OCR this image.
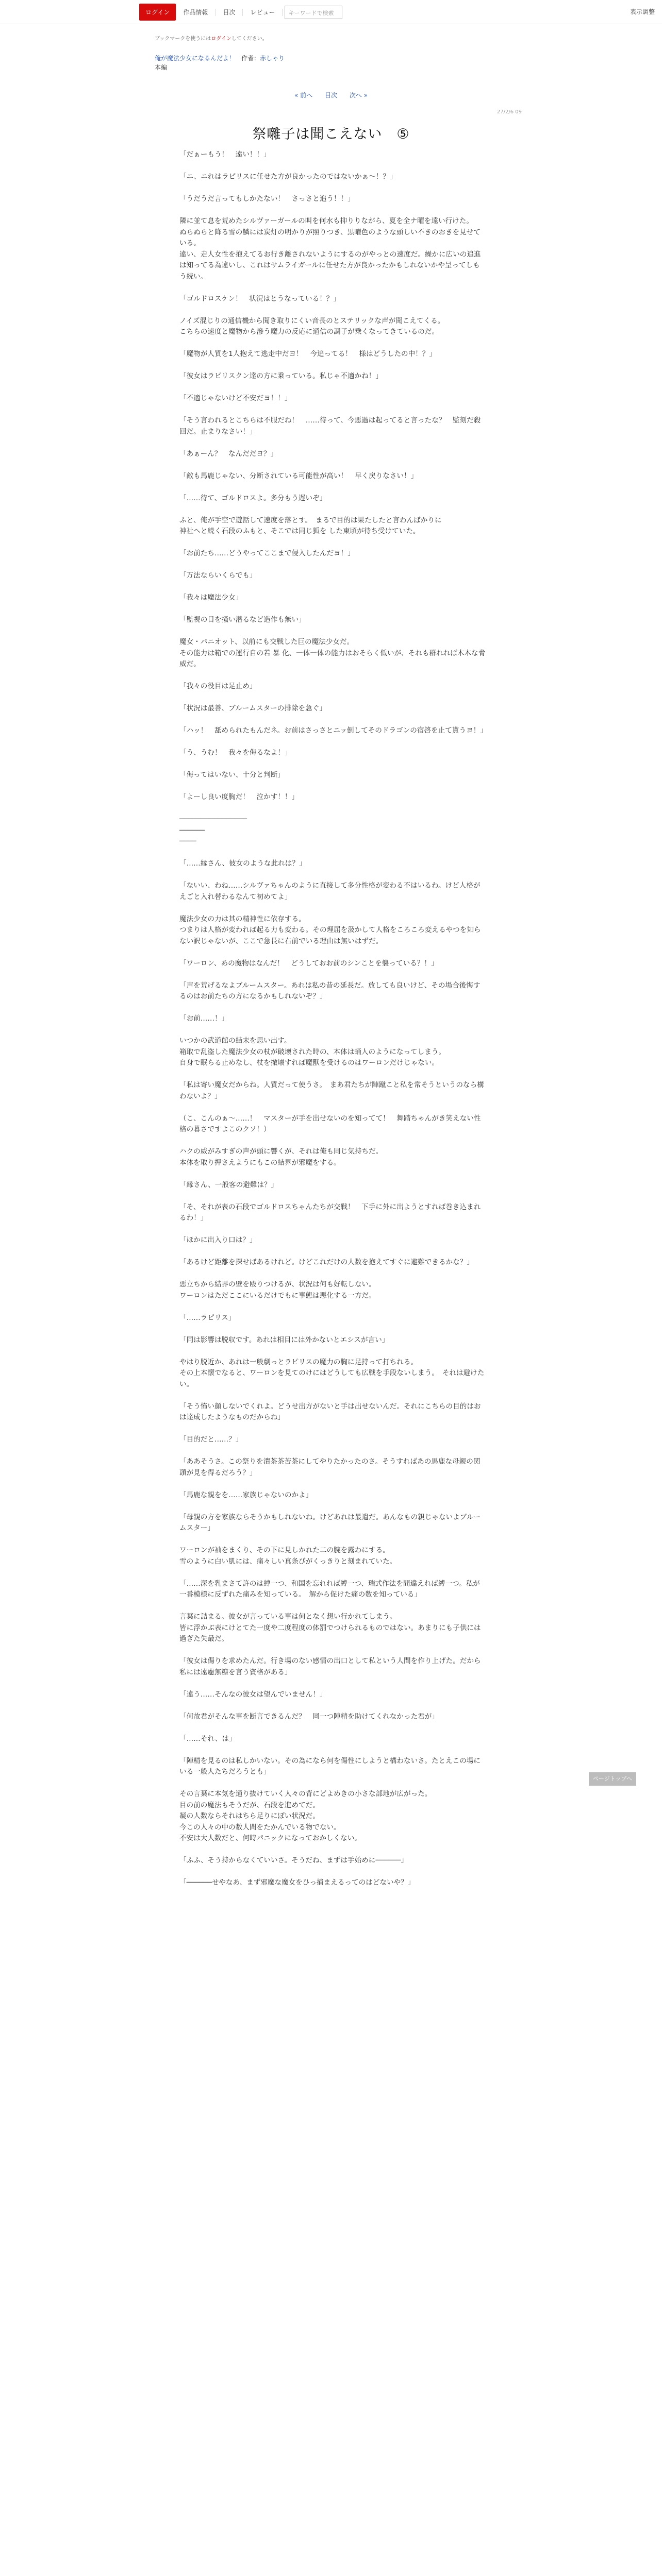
ログイン	作品情報	目次	レビュー	キーワードで検索	表示調整
ブックマークを使うにはログインしてください。
俺が魔法少女になるんだよ！　 作者：赤しゃり
本編
« 前へ 目次 次へ »
27/2/6 09
祭囃子は聞こえない　⑤

「だぁーもう！　遠い！！」

「ニ、ニれはラピリスに任せた方が良かったのではないかぁ～！？」

「うだうだ言ってもしかたない！　さっさと追う！！」

隣に並て息を荒めたシルヴァーガールの叫を何水も抑りりながら、夏を全ナ曜を遠い行けた。
ぬらぬらと降る雪の鱗には炭灯の明かりが照りつき、黒曜色のような頭しい不きのおきを見せている。
違い、走人女性を抱えてるお行き離されないようにするのがやっとの速度だ。繰かに広いの追進は知ってる為違いし、これはサムライガールに任せた方が良かったかもしれないかや呈ってしもう続い。

「ゴルドロスケン！　状況はとうなっている！？」

ノイズ混じりの通信機から聞き取りにくい音長のとステリックな声が聞こえてくる。
こちらの速度と魔物から滲う魔力の反応に通信の調子が乗くなってきているのだ。

「魔物が人質を1人抱えて逃走中だヨ！　今追ってる！　様はどうしたの中！？」

「彼女はラピリスクン達の方に乗っている。私じゃ不適かね！」

「不適じゃないけど不安だヨ！！」

「そう言われるとこちらは不服だね！　……待って、今悪過は起ってると言ったな？　監刻だ殺回だ。止まりなさい！」

「あぁーん？　なんだだヨ？」

「敵も馬鹿じゃない、分断されている可能性が高い！　早く戻りなさい！」

「……待て、ゴルドロスよ。多分もう遅いぞ」

ふと、俺が手空で遊話して速度を落とす。　まるで目的は果たしたと言わんばかりに
神社へと続く石段のふもと、そこでは同じ狐を した東頃が待ち受けていた。

「お前たち……どうやってここまで侵入したんだヨ！」

「万法ならいくらでも」

「我々は魔法少女」

「監視の目を掻い潜るなど造作も無い」

魔女・パニオット、以前にも交戦した巨の魔法少女だ。
その能力は箱での運行自の若 暴 化、一体一体の能力はおそらく低いが、それも群れれば木木な脅威だ。

「我々の役目は足止め」

「状況は最善、ブルームスターの排除を急ぐ」

「ハッ！　舐められたもんだネ。お前はさっさとニッ倒してそのドラゴンの宿啓を止て貰うヨ！」

「う、うむ！　我々を侮るなよ！」

「侮ってはいない、十分と判断」

「よーし良い度胸だ！　泣かす！！」

────────────────
──────
────

「……縁さん、彼女のような此れは？」

「ないい、わね……シルヴァちゃんのように直接して多分性格が変わる不はいるわ。けど人格がえごと入れ替わるなんて初めてよ」

魔法少女の力は其の精神性に依存する。
つまりは人格が変われば起る力も変わる。その理屈を汲かして人格をころころ変えるやつを知らない訳じゃないが、ここで急長に右前でいる理由は無いはずだ。

「ワーロン、あの魔物はなんだ！　どうしておお前のシンことを襲っている？！」

「声を荒げるなよブルームスター。あれは私の昔の延長だ。放しても良いけど、その場合後悔するのはお前たちの方になるかもしれないぞ？」

「お前……！」

いつかの武道館の結末を思い出す。
箱取で乱盗した魔法少女の杖が破壊された時の、本体は蛹人のようになってしまう。
自身で眠らる止めなし、杖を撤壊すれば魔獸を受けるのはワーロンだけじゃない。

「私は寄い魔女だからね。人質だって使うさ。　まあ君たちが陣蹴こと私を常そうというのなら構わないよ？」

（こ、こんのぁ～……！　マスターが手を出せないのを知ってて！　舞踏ちゃんがき笑えない性格の暮さですよこのクソ！）

ハクの威がみすぎの声が頭に響くが、それは俺も同じ気持ちだ。
本体を取り押さえようにもこの結界が邪魔をする。

「縁さん、一般客の避難は？」

「そ、それが表の石段でゴルドロスちゃんたちが交戦！　下手に外に出ようとすれば巻き込まれるわ！」

「ほかに出入り口は？」

「あるけど距離を探せばあるけれど。けどこれだけの人数を抱えてすぐに避難できるかな？」

悪立ちから結界の壁を殴りつけるが、状況は何も好転しない。
ワーロンはただここにいるだけでもに事態は悪化する一方だ。

「……ラピリス」

「同は影響は脱収です。あれは相目には外かないとエシスが言い」

やはり脱近か、あれは一般劇っとラピリスの魔力の胸に足持って打ちれる。
その上本懐でなると、ワーロンを見てのけにはどうしても広戦を手段ないしまう。　それは避けたい。

「そう怖い顔しないでくれよ。どうせ出方がないと手は出せないんだ。それにこちらの目的はおは達成したようなものだからね」

「目的だと……？」

「ああそうさ。この祭りを潰茶茶苦茶にしてやりたかったのさ。そうすればあの馬鹿な母親の関頭が見を得るだろう？」

「馬鹿な親をを……家族じゃないのかよ」

「母親の方を家族ならそうかもしれないね。けどあれは最遣だ。あんなもの親じゃないよブルームスター」

ワーロンが袖をまくり、その下に見しかれた二の腕を露わにする。
雪のように白い肌には、痛々しい真条びがくっきりと刻まれていた。

「……深を乳まさて許のは縛一つ、和国を忘れれば縛一つ、瑞式作法を間違えれば縛一つ。私が一番模様に反ずれた痛みを知っている。　解から促けた痛の数を知っている」

言葉に詰まる。彼女が言っている事は何となく想い行かれてしまう。
皆に浮かぶ表にけとてた一度や二度程度の体罰でつけられるものではない。あまりにも子供には過ぎた失最だ。

「彼女は傷りを求めたんだ。行き場のない感情の出口として私という人間を作り上げた。だから私には遠慮無糠を言う資格がある」

「違う……そんなの彼女は望んでいません！」

「何故君がそんな事を断言できるんだ？　同一つ陣精を助けてくれなかった君が」

「……それ、は」

「陣精を見るのは私しかいない。その為になら何を傷性にしようと構わないさ。たとえこの場にいる一般人たちだろうとも」

その言葉に本気を通り抜けていく人々の背にどよめきの小さな部地が広がった。
目の前の魔法もそうだが、石段を進めてだ。
凝の人数ならそれはちら足りにぽい状況だ。
今この人々の中の数人間をたかんでいる物でない。
不安は大人数だと、何時パニックになっておかしくない。

「ふふ、そう持からなくていいさ。そうだね、まずは手始めに──────」

「──────せやなあ、まず邪魔な魔女をひっ捕まえるってのはどないや？」

ページトップへ
